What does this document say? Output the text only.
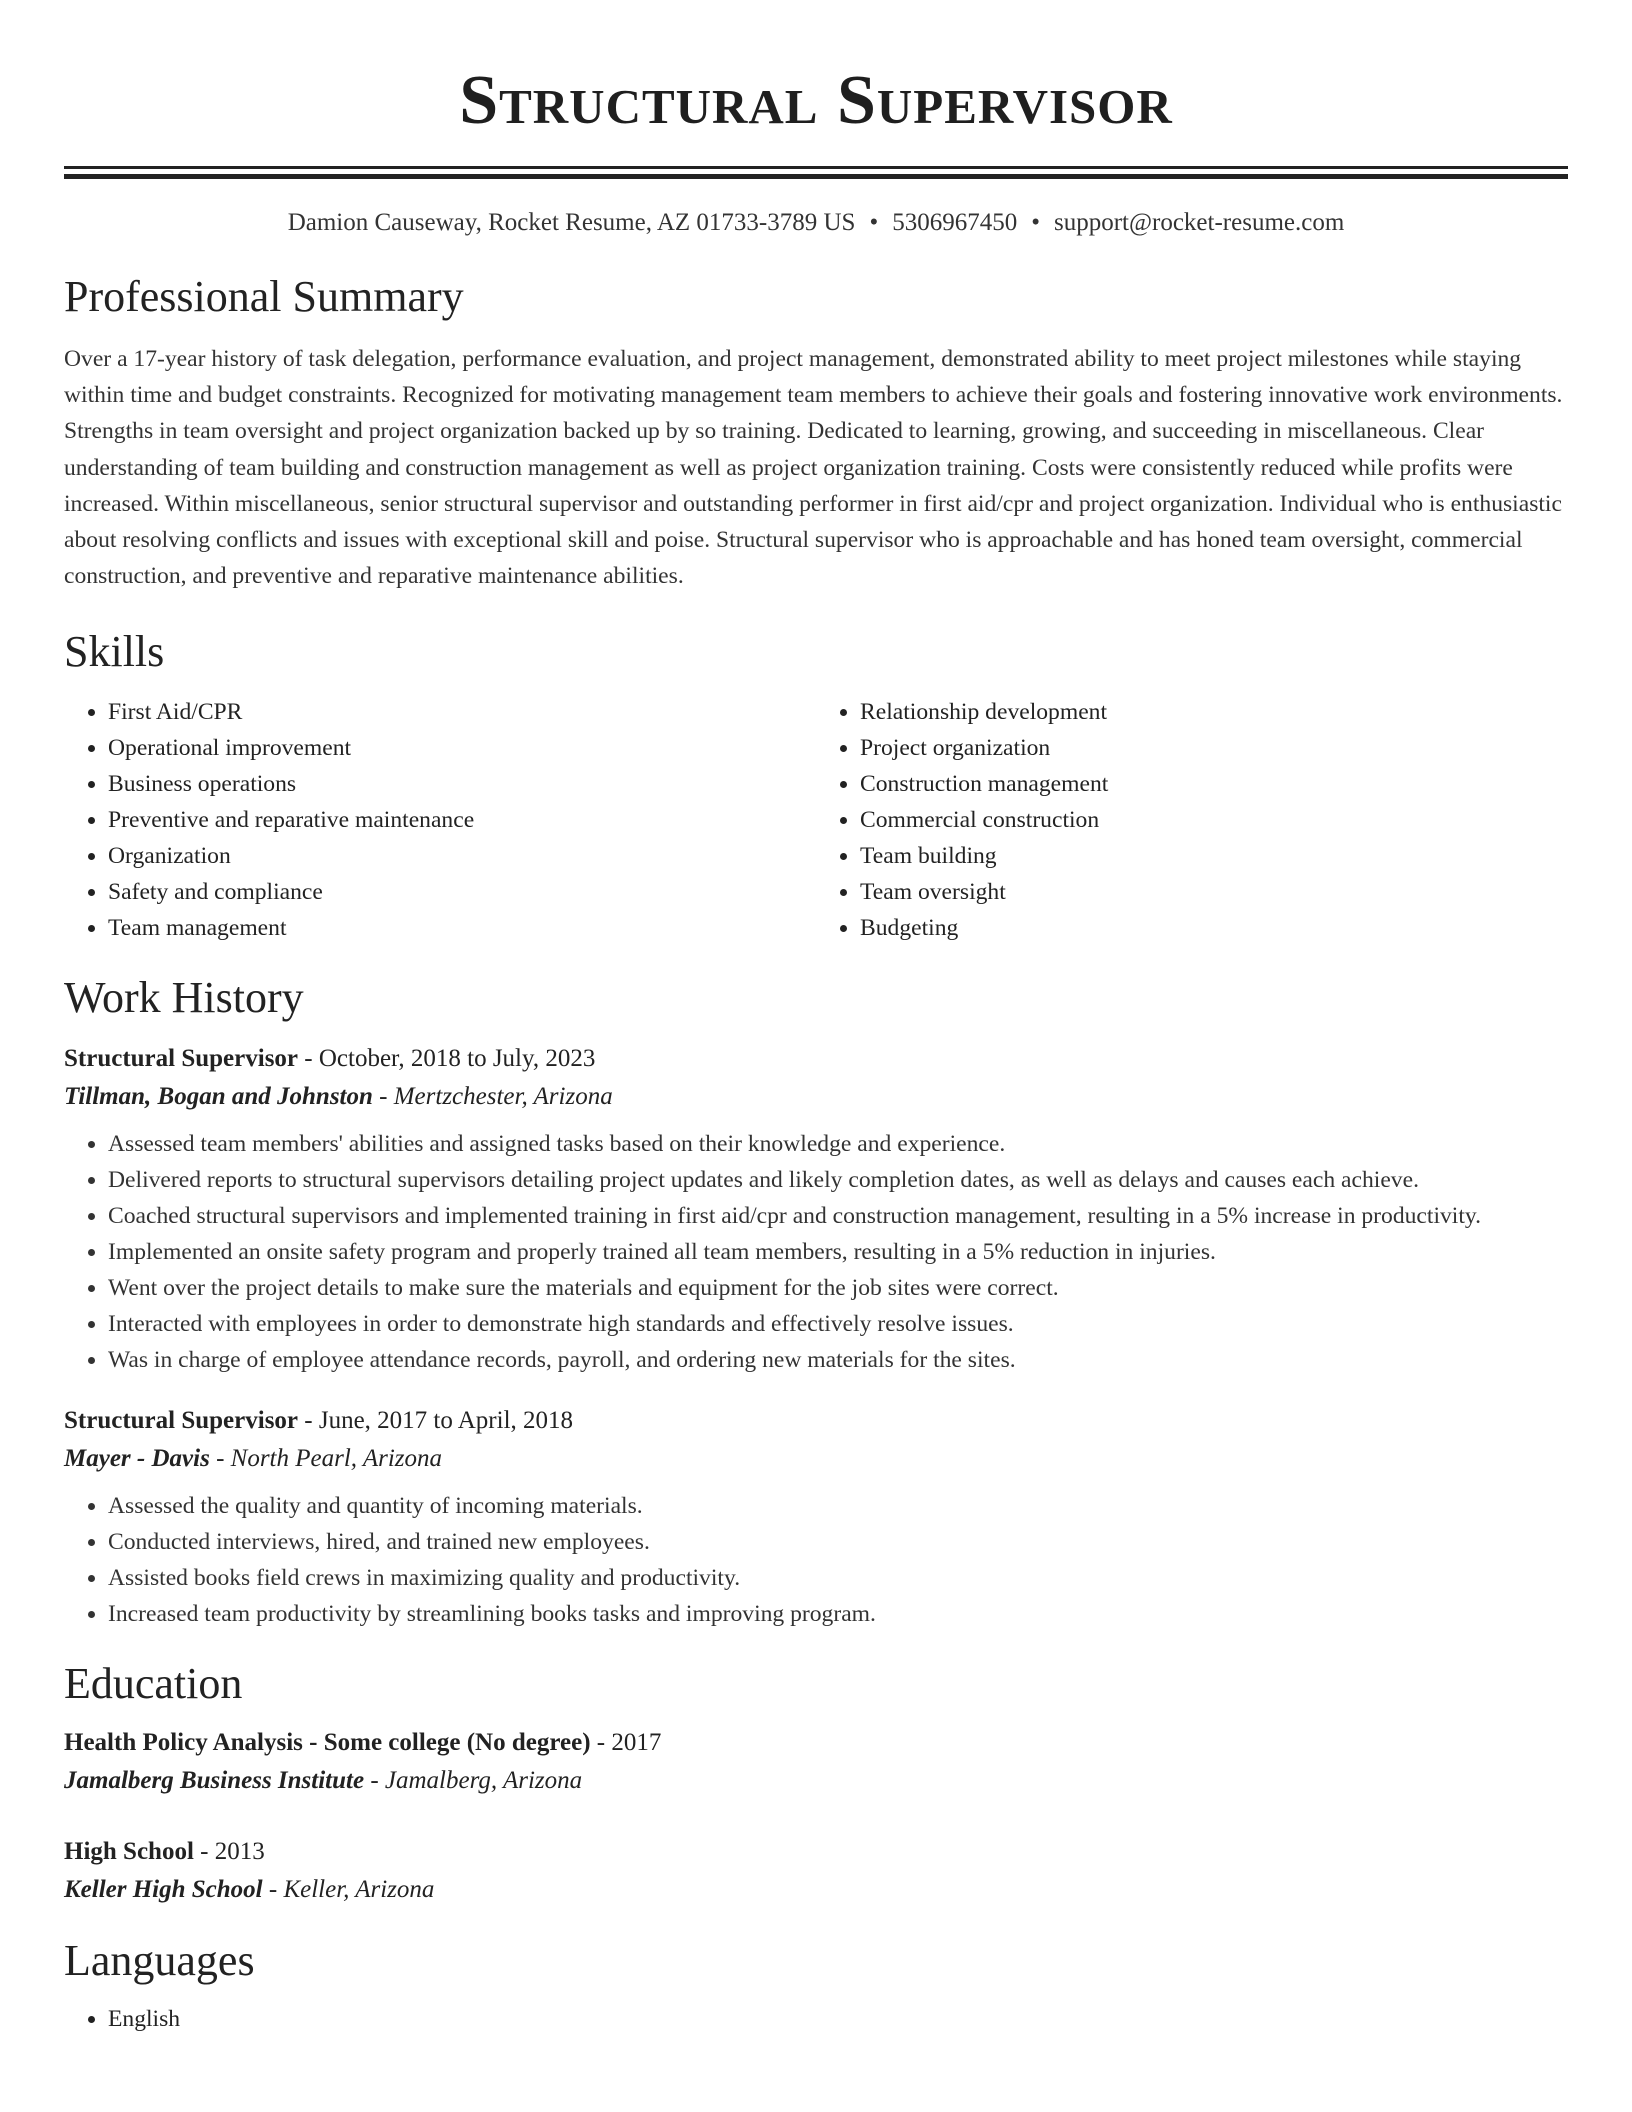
Structural Supervisor
Damion Causeway, Rocket Resume, AZ 01733-3789 US • 5306967450 • support@rocket-resume.com
Professional Summary

Over a 17-year history of task delegation, performance evaluation, and project management, demonstrated ability to meet project milestones while staying within time and budget constraints. Recognized for motivating management team members to achieve their goals and fostering innovative work environments. Strengths in team oversight and project organization backed up by so training. Dedicated to learning, growing, and succeeding in miscellaneous. Clear understanding of team building and construction management as well as project organization training. Costs were consistently reduced while profits were increased. Within miscellaneous, senior structural supervisor and outstanding performer in first aid/cpr and project organization. Individual who is enthusiastic about resolving conflicts and issues with exceptional skill and poise. Structural supervisor who is approachable and has honed team oversight, commercial construction, and preventive and reparative maintenance abilities.

Skills
• First Aid/CPR
• Operational improvement
• Business operations
• Preventive and reparative maintenance
• Organization
• Safety and compliance
• Team management
• Relationship development
• Project organization
• Construction management
• Commercial construction
• Team building
• Team oversight
• Budgeting
Work History
Structural Supervisor - October, 2018 to July, 2023
Tillman, Bogan and Johnston - Mertzchester, Arizona
• Assessed team members' abilities and assigned tasks based on their knowledge and experience.
• Delivered reports to structural supervisors detailing project updates and likely completion dates, as well as delays and causes each achieve.
• Coached structural supervisors and implemented training in first aid/cpr and construction management, resulting in a 5% increase in productivity.
• Implemented an onsite safety program and properly trained all team members, resulting in a 5% reduction in injuries.
• Went over the project details to make sure the materials and equipment for the job sites were correct.
• Interacted with employees in order to demonstrate high standards and effectively resolve issues.
• Was in charge of employee attendance records, payroll, and ordering new materials for the sites.
Structural Supervisor - June, 2017 to April, 2018
Mayer - Davis - North Pearl, Arizona
• Assessed the quality and quantity of incoming materials.
• Conducted interviews, hired, and trained new employees.
• Assisted books field crews in maximizing quality and productivity.
• Increased team productivity by streamlining books tasks and improving program.
Education
Health Policy Analysis - Some college (No degree) - 2017
Jamalberg Business Institute - Jamalberg, Arizona
High School - 2013
Keller High School - Keller, Arizona
Languages
• English
